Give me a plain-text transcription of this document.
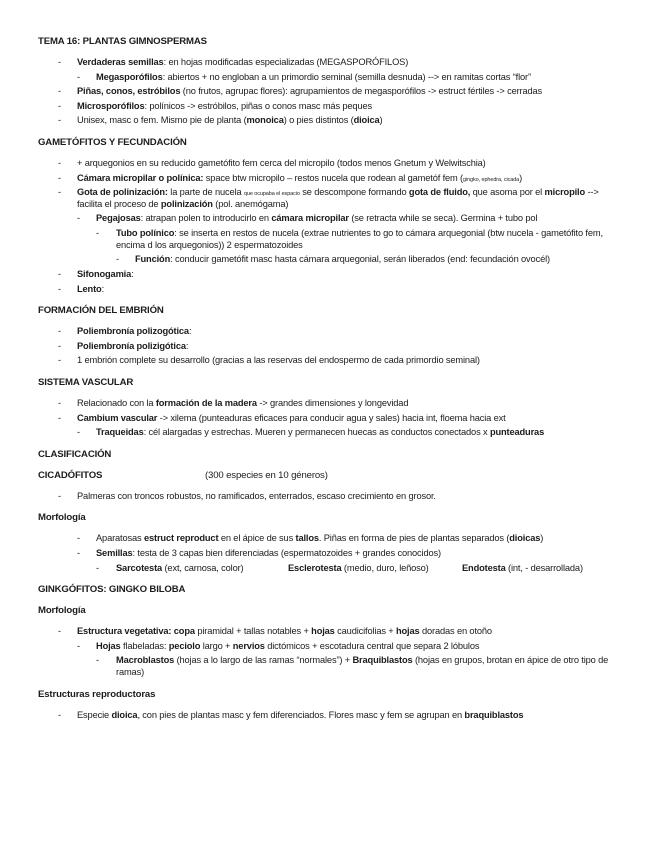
TEMA 16: PLANTAS GIMNOSPERMAS

- Verdaderas semillas: en hojas modificadas especializadas (MEGASPORÓFILOS)
- Megasporófilos: abiertos + no engloban a un primordio seminal (semilla desnuda) --> en ramitas cortas “flor”
- Piñas, conos, estróbilos (no frutos, agrupac flores): agrupamientos de megasporófilos -> estruct fértiles -> cerradas
- Microsporófilos: polínicos -> estróbilos, piñas o conos masc más peques
- Unisex, masc o fem. Mismo pie de planta (monoica) o pies distintos (dioica)

GAMETÓFITOS Y FECUNDACIÓN

- + arquegonios en su reducido gametófito fem cerca del micropilo (todos menos Gnetum y Welwitschia)
- Cámara micropilar o polínica: space btw micropilo – restos nucela que rodean al gametóf fem (gingko, ephedra, cicada)
- Gota de polinización: la parte de nucela que ocupaba el espacio se descompone formando gota de fluido, que asoma por el micropilo --> facilita el proceso de polinización (pol. anemógama)
- Pegajosas: atrapan polen to introducirlo en cámara micropilar (se retracta while se seca). Germina + tubo pol
- Tubo polínico: se inserta en restos de nucela (extrae nutrientes to go to cámara arquegonial (btw nucela - gametófito fem, encima d los arquegonios)) 2 espermatozoides
- Función: conducir gametófit masc hasta cámara arquegonial, serán liberados (end: fecundación ovocél)
- Sifonogamia:
- Lento:

FORMACIÓN DEL EMBRIÓN

- Poliembronía polizogótica:
- Poliembronía polizigótica:
- 1 embrión complete su desarrollo (gracias a las reservas del endospermo de cada primordio seminal)

SISTEMA VASCULAR

- Relacionado con la formación de la madera -> grandes dimensiones y longevidad
- Cambium vascular -> xilema (punteaduras eficaces para conducir agua y sales) hacia int, floema hacia ext
- Traqueidas: cél alargadas y estrechas. Mueren y permanecen huecas as conductos conectados x punteaduras

CLASIFICACIÓN

CICADÓFITOS	(300 especies en 10 géneros)

- Palmeras con troncos robustos, no ramificados, enterrados, escaso crecimiento en grosor.

Morfología

- Aparatosas estruct reproduct en el ápice de sus tallos. Piñas en forma de pies de plantas separados (dioicas)
- Semillas: testa de 3 capas bien diferenciadas (espermatozoides + grandes conocidos)
- Sarcotesta (ext, carnosa, color)	Esclerotesta (medio, duro, leñoso)	Endotesta (int, - desarrollada)

GINKGÓFITOS: GINGKO BILOBA

Morfología

- Estructura vegetativa: copa piramidal + tallas notables + hojas caudicifolias + hojas doradas en otoño
- Hojas flabeladas: peciolo largo + nervios dictómicos + escotadura central que separa 2 lóbulos
- Macroblastos (hojas a lo largo de las ramas “normales”) + Braquiblastos (hojas en grupos, brotan en ápice de otro tipo de ramas)

Estructuras reproductoras

- Especie dioica, con pies de plantas masc y fem diferenciados. Flores masc y fem se agrupan en braquiblastos
